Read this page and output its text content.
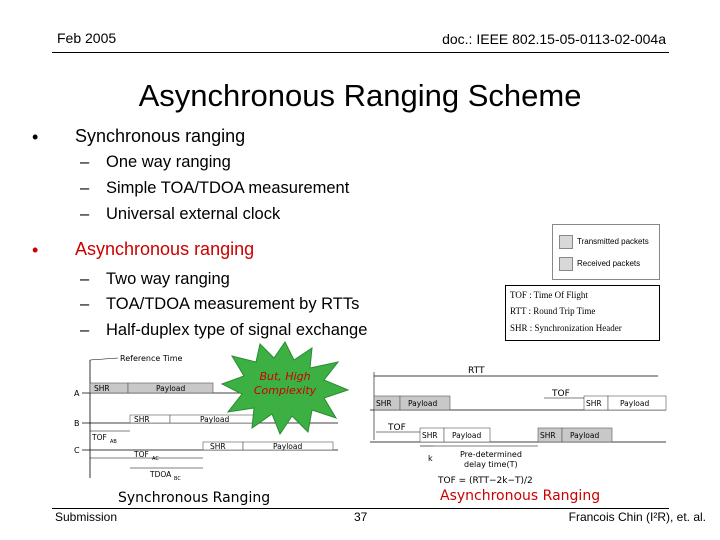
Feb 2005	doc.: IEEE 802.15-05-0113-02-004a
Asynchronous Ranging Scheme
• Synchronous ranging
– One way ranging
– Simple TOA/TDOA measurement
– Universal external clock
• Asynchronous ranging
– Two way ranging
– TOA/TDOA measurement by RTTs
– Half-duplex type of signal exchange
Transmitted packets
Received packets
TOF : Time Of Flight
RTT : Round Trip Time
SHR : Synchronization Header
Reference Time
A
B
C
SHR	Payload
SHR	Payload
TOF AB	SHR	Payload
TOF AC
TDOA BC
But, High
Complexity
RTT
SHR Payload	SHR Payload
TOF
SHR Payload
TOF
SHR Payload
k	Pre-determined
delay time(T)
TOF = (RTT−2k−T)/2
Synchronous Ranging	Asynchronous Ranging
Submission	37	Francois Chin (I²R), et. al.
